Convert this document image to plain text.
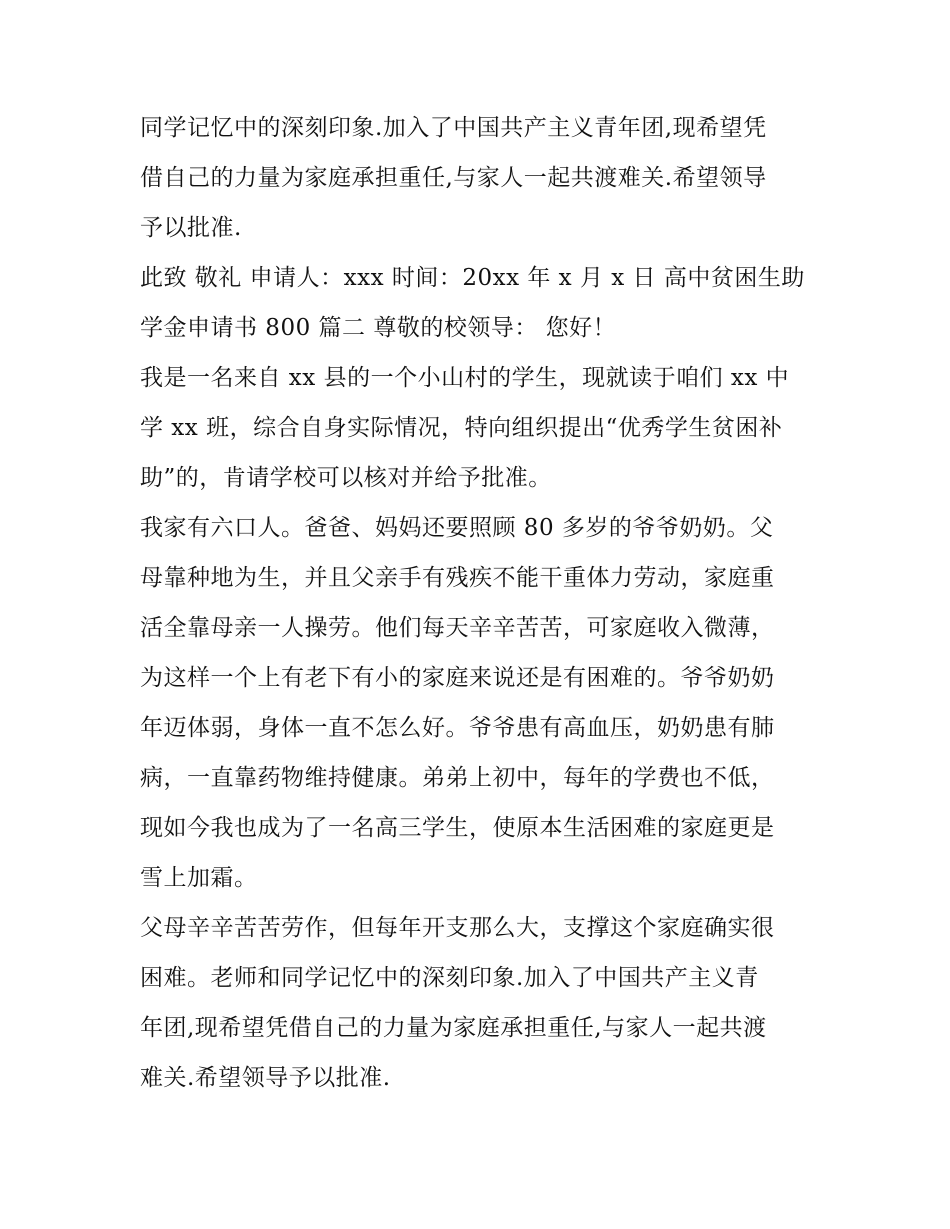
同学记忆中的深刻印象.加入了中国共产主义青年团,现希望凭
借自己的力量为家庭承担重任,与家人一起共渡难关.希望领导
予以批准.
此致 敬礼 申请人：xxx 时间：20xx 年 x 月 x 日 高中贫困生助
学金申请书 800 篇二 尊敬的校领导： 您好！
我是一名来自 xx 县的一个小山村的学生，现就读于咱们 xx 中
学 xx 班，综合自身实际情况，特向组织提出“优秀学生贫困补
助”的，肯请学校可以核对并给予批准。
我家有六口人。爸爸、妈妈还要照顾 80 多岁的爷爷奶奶。父
母靠种地为生，并且父亲手有残疾不能干重体力劳动，家庭重
活全靠母亲一人操劳。他们每天辛辛苦苦，可家庭收入微薄，
为这样一个上有老下有小的家庭来说还是有困难的。爷爷奶奶
年迈体弱，身体一直不怎么好。爷爷患有高血压，奶奶患有肺
病，一直靠药物维持健康。弟弟上初中，每年的学费也不低，
现如今我也成为了一名高三学生，使原本生活困难的家庭更是
雪上加霜。
父母辛辛苦苦劳作，但每年开支那么大，支撑这个家庭确实很
困难。老师和同学记忆中的深刻印象.加入了中国共产主义青
年团,现希望凭借自己的力量为家庭承担重任,与家人一起共渡
难关.希望领导予以批准.
